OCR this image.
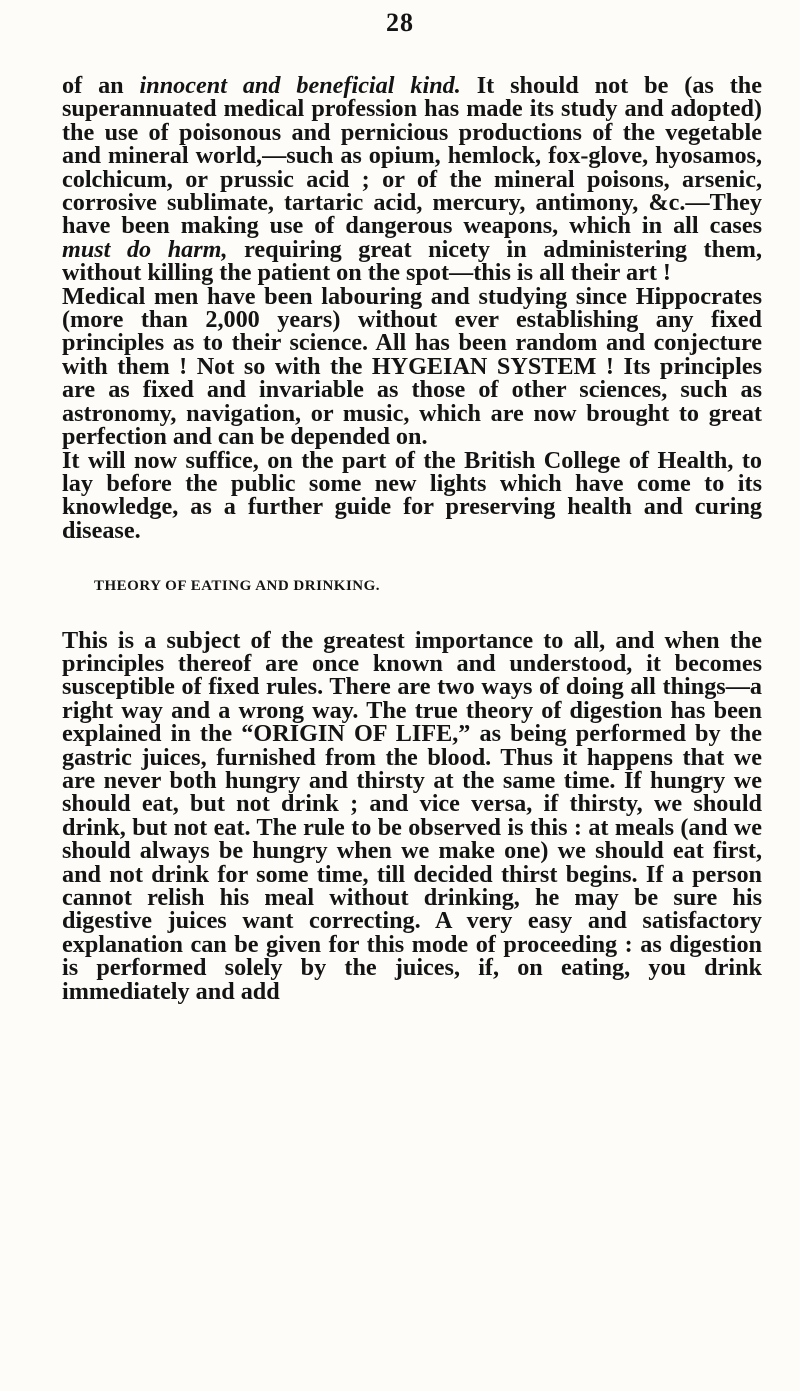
28

of an innocent and beneficial kind. It should not be (as the superannuated medical profession has made its study and adopted) the use of poisonous and pernicious productions of the vegetable and mineral world,—such as opium, hemlock, fox-glove, hyosamos, colchicum, or prussic acid ; or of the mineral poisons, arsenic, corrosive sublimate, tartaric acid, mercury, antimony, &c.—They have been making use of dangerous weapons, which in all cases must do harm, requiring great nicety in administering them, without killing the patient on the spot—this is all their art !

Medical men have been labouring and studying since Hippocrates (more than 2,000 years) without ever establishing any fixed principles as to their science. All has been random and conjecture with them ! Not so with the HYGEIAN SYSTEM ! Its principles are as fixed and invariable as those of other sciences, such as astronomy, navigation, or music, which are now brought to great perfection and can be depended on.

It will now suffice, on the part of the British College of Health, to lay before the public some new lights which have come to its knowledge, as a further guide for preserving health and curing disease.

THEORY OF EATING AND DRINKING.

This is a subject of the greatest importance to all, and when the principles thereof are once known and understood, it becomes susceptible of fixed rules. There are two ways of doing all things—a right way and a wrong way. The true theory of digestion has been explained in the “ORIGIN OF LIFE,” as being performed by the gastric juices, furnished from the blood. Thus it happens that we are never both hungry and thirsty at the same time. If hungry we should eat, but not drink ; and vice versa, if thirsty, we should drink, but not eat. The rule to be observed is this : at meals (and we should always be hungry when we make one) we should eat first, and not drink for some time, till decided thirst begins. If a person cannot relish his meal without drinking, he may be sure his digestive juices want correcting. A very easy and satisfactory explanation can be given for this mode of proceeding : as digestion is performed solely by the juices, if, on eating, you drink immediately and add
